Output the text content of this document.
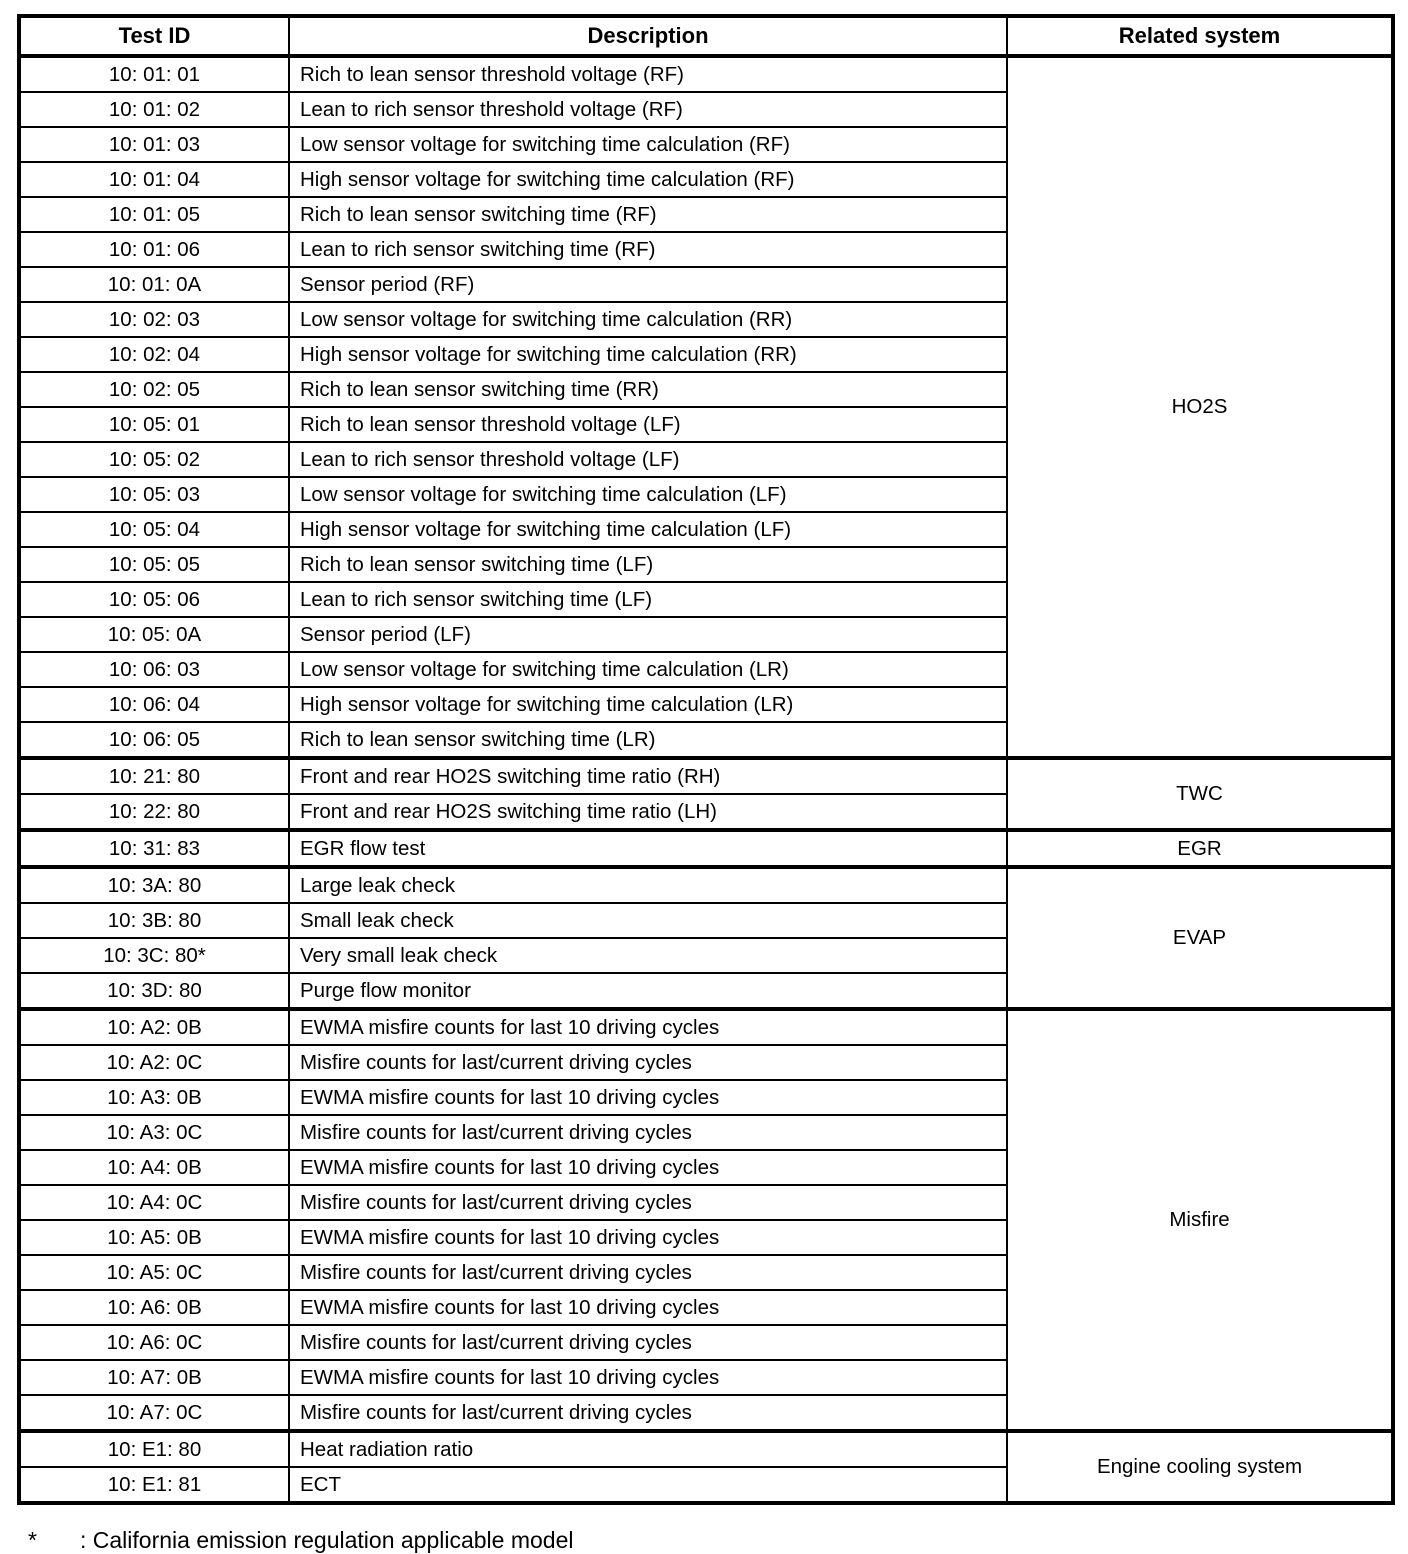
Test ID	Description	Related system
10: 01: 01	Rich to lean sensor threshold voltage (RF)	HO2S
10: 01: 02	Lean to rich sensor threshold voltage (RF)	
10: 01: 03	Low sensor voltage for switching time calculation (RF)	
10: 01: 04	High sensor voltage for switching time calculation (RF)	
10: 01: 05	Rich to lean sensor switching time (RF)	
10: 01: 06	Lean to rich sensor switching time (RF)	
10: 01: 0A	Sensor period (RF)	
10: 02: 03	Low sensor voltage for switching time calculation (RR)	
10: 02: 04	High sensor voltage for switching time calculation (RR)	
10: 02: 05	Rich to lean sensor switching time (RR)	
10: 05: 01	Rich to lean sensor threshold voltage (LF)	
10: 05: 02	Lean to rich sensor threshold voltage (LF)	
10: 05: 03	Low sensor voltage for switching time calculation (LF)	
10: 05: 04	High sensor voltage for switching time calculation (LF)	
10: 05: 05	Rich to lean sensor switching time (LF)	
10: 05: 06	Lean to rich sensor switching time (LF)	
10: 05: 0A	Sensor period (LF)	
10: 06: 03	Low sensor voltage for switching time calculation (LR)	
10: 06: 04	High sensor voltage for switching time calculation (LR)	
10: 06: 05	Rich to lean sensor switching time (LR)	
10: 21: 80	Front and rear HO2S switching time ratio (RH)	TWC
10: 22: 80	Front and rear HO2S switching time ratio (LH)	
10: 31: 83	EGR flow test	EGR
10: 3A: 80	Large leak check	EVAP
10: 3B: 80	Small leak check	
10: 3C: 80*	Very small leak check	
10: 3D: 80	Purge flow monitor	
10: A2: 0B	EWMA misfire counts for last 10 driving cycles	Misfire
10: A2: 0C	Misfire counts for last/current driving cycles	
10: A3: 0B	EWMA misfire counts for last 10 driving cycles	
10: A3: 0C	Misfire counts for last/current driving cycles	
10: A4: 0B	EWMA misfire counts for last 10 driving cycles	
10: A4: 0C	Misfire counts for last/current driving cycles	
10: A5: 0B	EWMA misfire counts for last 10 driving cycles	
10: A5: 0C	Misfire counts for last/current driving cycles	
10: A6: 0B	EWMA misfire counts for last 10 driving cycles	
10: A6: 0C	Misfire counts for last/current driving cycles	
10: A7: 0B	EWMA misfire counts for last 10 driving cycles	
10: A7: 0C	Misfire counts for last/current driving cycles	
10: E1: 80	Heat radiation ratio	Engine cooling system
10: E1: 81	ECT	
*	: California emission regulation applicable model
